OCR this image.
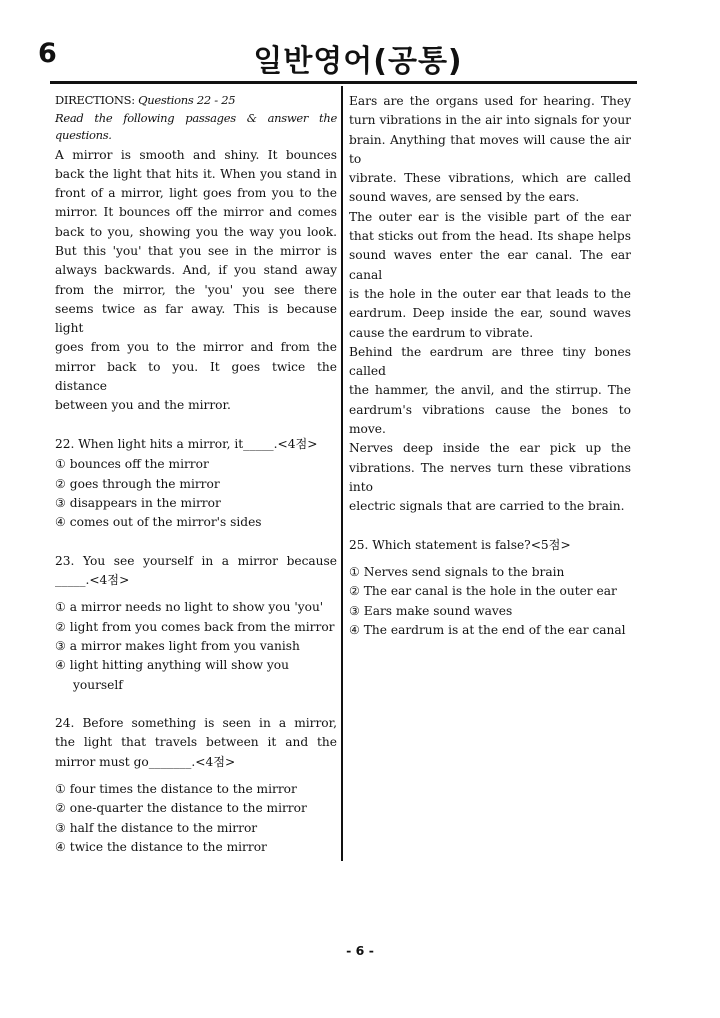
6	일반영어(공통)
DIRECTIONS: Questions 22 - 25
Read the following passages & answer the
questions.
A mirror is smooth and shiny. It bounces
back the light that hits it. When you stand in
front of a mirror, light goes from you to the
mirror. It bounces off the mirror and comes
back to you, showing you the way you look.
But this 'you' that you see in the mirror is
always backwards. And, if you stand away
from the mirror, the 'you' you see there
seems twice as far away. This is because light
goes from you to the mirror and from the
mirror back to you. It goes twice the distance
between you and the mirror.
22. When light hits a mirror, it_____.<4점>
① bounces off the mirror
② goes through the mirror
③ disappears in the mirror
④ comes out of the mirror's sides
23. You see yourself in a mirror because
_____.<4점>
① a mirror needs no light to show you 'you'
② light from you comes back from the mirror
③ a mirror makes light from you vanish
④ light hitting anything will show you yourself
24. Before something is seen in a mirror,
the light that travels between it and the
mirror must go_______.<4점>
① four times the distance to the mirror
② one-quarter the distance to the mirror
③ half the distance to the mirror
④ twice the distance to the mirror
Ears are the organs used for hearing. They
turn vibrations in the air into signals for your
brain. Anything that moves will cause the air to
vibrate. These vibrations, which are called
sound waves, are sensed by the ears.
The outer ear is the visible part of the ear
that sticks out from the head. Its shape helps
sound waves enter the ear canal. The ear canal
is the hole in the outer ear that leads to the
eardrum. Deep inside the ear, sound waves
cause the eardrum to vibrate.
Behind the eardrum are three tiny bones called
the hammer, the anvil, and the stirrup. The
eardrum's vibrations cause the bones to move.
Nerves deep inside the ear pick up the
vibrations. The nerves turn these vibrations into
electric signals that are carried to the brain.
25. Which statement is false?<5점>
① Nerves send signals to the brain
② The ear canal is the hole in the outer ear
③ Ears make sound waves
④ The eardrum is at the end of the ear canal
- 6 -
